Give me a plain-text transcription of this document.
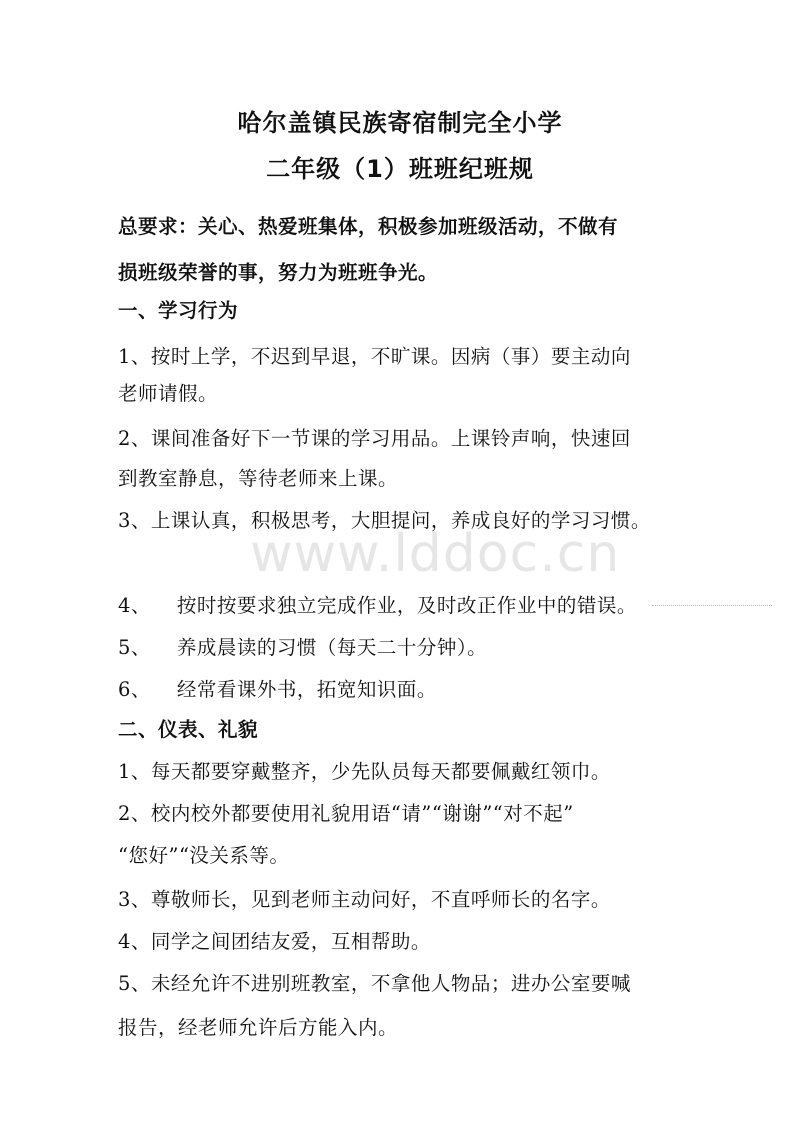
哈尔盖镇民族寄宿制完全小学
二年级（1）班班纪班规
总要求：关心、热爱班集体，积极参加班级活动，不做有
损班级荣誉的事，努力为班班争光。
一、学习行为
1、按时上学，不迟到早退，不旷课。因病（事）要主动向
老师请假。
2、课间准备好下一节课的学习用品。上课铃声响，快速回
到教室静息，等待老师来上课。
3、上课认真，积极思考，大胆提问，养成良好的学习习惯。
www.lddoc.cn
4、 按时按要求独立完成作业，及时改正作业中的错误。
5、 养成晨读的习惯（每天二十分钟）。
6、 经常看课外书，拓宽知识面。
二、仪表、礼貌
1、每天都要穿戴整齐，少先队员每天都要佩戴红领巾。
2、校内校外都要使用礼貌用语“请”“谢谢”“对不起”
“您好”“没关系等。
3、尊敬师长，见到老师主动问好，不直呼师长的名字。
4、同学之间团结友爱，互相帮助。
5、未经允许不进别班教室，不拿他人物品；进办公室要喊
报告，经老师允许后方能入内。
